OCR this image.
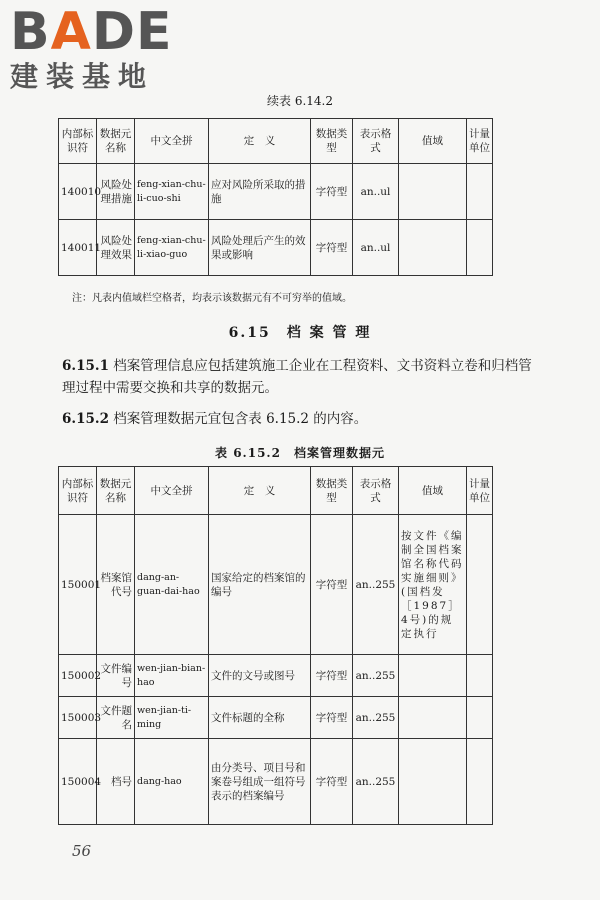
BADE
建装基地
续表 6.14.2
内部标识符	数据元名称	中文全拼	定　义	数据类型	表示格式	值域	计量单位
140010	风险处理措施	feng-xian-chu-li-cuo-shi	应对风险所采取的措施	字符型	an..ul		
140011	风险处理效果	feng-xian-chu-li-xiao-guo	风险处理后产生的效果或影响	字符型	an..ul		
注：凡表内值域栏空格者，均表示该数据元有不可穷举的值域。
6.15　档 案 管 理
6.15.1 档案管理信息应包括建筑施工企业在工程资料、文书资料立卷和归档管理过程中需要交换和共享的数据元。
6.15.2 档案管理数据元宜包含表 6.15.2 的内容。
表 6.15.2　档案管理数据元
内部标识符	数据元名称	中文全拼	定　义	数据类型	表示格式	值域	计量单位
150001	档案馆代号	dang-an-guan-dai-hao	国家给定的档案馆的编号	字符型	an..255	按文件《编制全国档案馆名称代码实施细则》(国档发［1987］4号)的规定执行	
150002	文件编号	wen-jian-bian-hao	文件的文号或图号	字符型	an..255		
150003	文件题名	wen-jian-ti-ming	文件标题的全称	字符型	an..255		
150004	档号	dang-hao	由分类号、项目号和案卷号组成一组符号表示的档案编号	字符型	an..255		
56
